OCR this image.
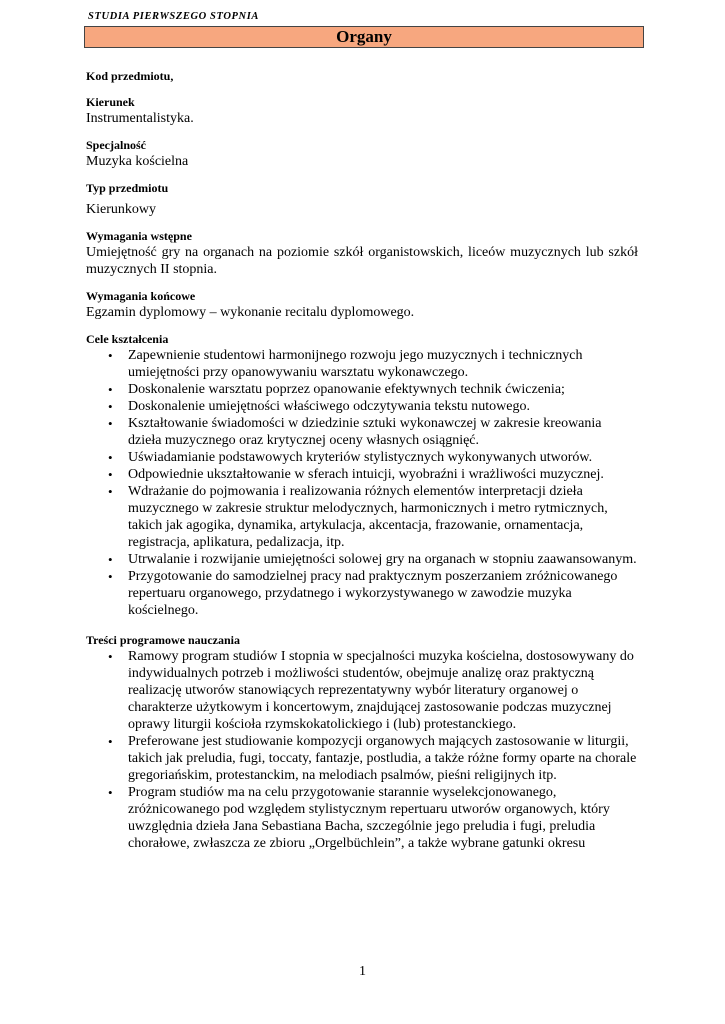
STUDIA PIERWSZEGO STOPNIA
Organy
Kod przedmiotu,
Kierunek
Instrumentalistyka.
Specjalność
Muzyka kościelna
Typ przedmiotu
Kierunkowy
Wymagania wstępne
Umiejętność gry na organach na poziomie szkół organistowskich, liceów muzycznych lub szkół muzycznych II stopnia.
Wymagania końcowe
Egzamin dyplomowy – wykonanie recitalu dyplomowego.
Cele kształcenia
• Zapewnienie studentowi harmonijnego rozwoju jego muzycznych i technicznych umiejętności przy opanowywaniu warsztatu wykonawczego.
• Doskonalenie warsztatu poprzez opanowanie efektywnych technik ćwiczenia;
• Doskonalenie umiejętności właściwego odczytywania tekstu nutowego.
• Kształtowanie świadomości w dziedzinie sztuki wykonawczej w zakresie kreowania dzieła muzycznego oraz krytycznej oceny własnych osiągnięć.
• Uświadamianie podstawowych kryteriów stylistycznych wykonywanych utworów.
• Odpowiednie ukształtowanie w sferach intuicji, wyobraźni i wrażliwości muzycznej.
• Wdrażanie do pojmowania i realizowania różnych elementów interpretacji dzieła muzycznego w zakresie struktur melodycznych, harmonicznych i metro rytmicznych, takich jak agogika, dynamika, artykulacja, akcentacja, frazowanie, ornamentacja, registracja, aplikatura, pedalizacja, itp.
• Utrwalanie i rozwijanie umiejętności solowej gry na organach w stopniu zaawansowanym.
• Przygotowanie do samodzielnej pracy nad praktycznym poszerzaniem zróżnicowanego repertuaru organowego, przydatnego i wykorzystywanego w zawodzie muzyka kościelnego.
Treści programowe nauczania
• Ramowy program studiów I stopnia w specjalności muzyka kościelna, dostosowywany do indywidualnych potrzeb i możliwości studentów, obejmuje analizę oraz praktyczną realizację utworów stanowiących reprezentatywny wybór literatury organowej o charakterze użytkowym i koncertowym, znajdującej zastosowanie podczas muzycznej oprawy liturgii kościoła rzymskokatolickiego i (lub) protestanckiego.
• Preferowane jest studiowanie kompozycji organowych mających zastosowanie w liturgii, takich jak preludia, fugi, toccaty, fantazje, postludia, a także różne formy oparte na chorale gregoriańskim, protestanckim, na melodiach psalmów, pieśni religijnych itp.
• Program studiów ma na celu przygotowanie starannie wyselekcjonowanego, zróżnicowanego pod względem stylistycznym repertuaru utworów organowych, który uwzględnia dzieła Jana Sebastiana Bacha, szczególnie jego preludia i fugi, preludia chorałowe, zwłaszcza ze zbioru „Orgelbüchlein”, a także wybrane gatunki okresu
1
